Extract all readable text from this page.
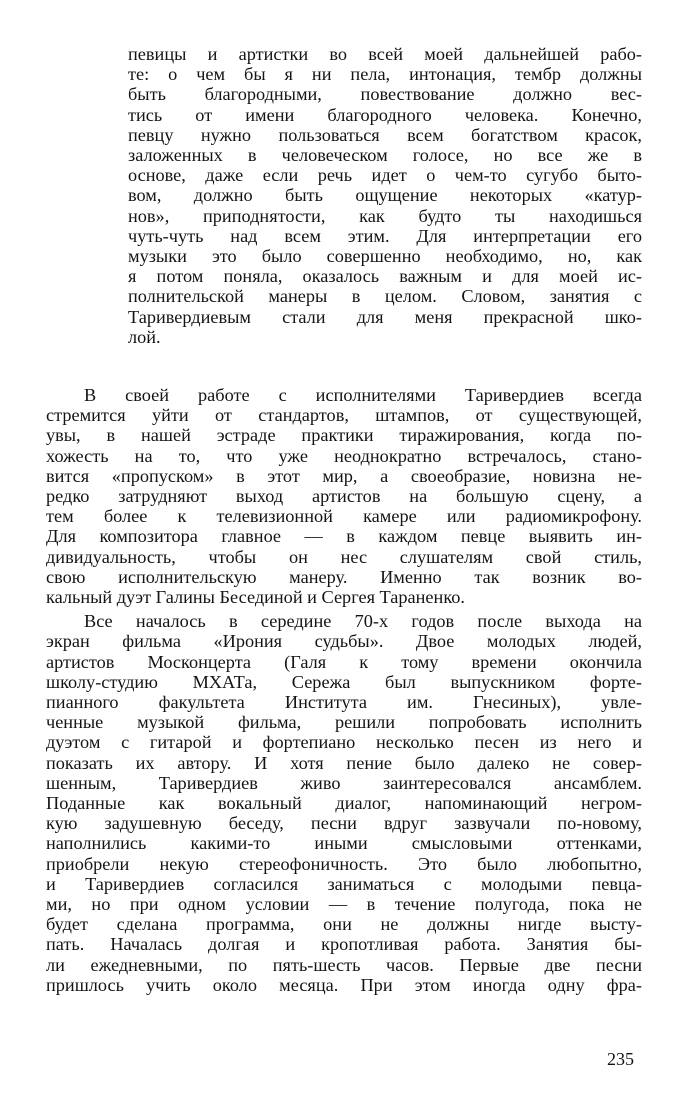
певицы и артистки во всей моей дальнейшей рабо-
те: о чем бы я ни пела, интонация, тембр должны
быть благородными, повествование должно вес-
тись от имени благородного человека. Конечно,
певцу нужно пользоваться всем богатством красок,
заложенных в человеческом голосе, но все же в
основе, даже если речь идет о чем-то сугубо быто-
вом, должно быть ощущение некоторых «катур-
нов», приподнятости, как будто ты находишься
чуть-чуть над всем этим. Для интерпретации его
музыки это было совершенно необходимо, но, как
я потом поняла, оказалось важным и для моей ис-
полнительской манеры в целом. Словом, занятия с
Таривердиевым стали для меня прекрасной шко-
лой.
В своей работе с исполнителями Таривердиев всегда
стремится уйти от стандартов, штампов, от существующей,
увы, в нашей эстраде практики тиражирования, когда по-
хожесть на то, что уже неоднократно встречалось, стано-
вится «пропуском» в этот мир, а своеобразие, новизна не-
редко затрудняют выход артистов на большую сцену, а
тем более к телевизионной камере или радиомикрофону.
Для композитора главное — в каждом певце выявить ин-
дивидуальность, чтобы он нес слушателям свой стиль,
свою исполнительскую манеру. Именно так возник во-
кальный дуэт Галины Бесединой и Сергея Тараненко.
Все началось в середине 70-х годов после выхода на
экран фильма «Ирония судьбы». Двое молодых людей,
артистов Москонцерта (Галя к тому времени окончила
школу-студию МХАТа, Сережа был выпускником форте-
пианного факультета Института им. Гнесиных), увле-
ченные музыкой фильма, решили попробовать исполнить
дуэтом с гитарой и фортепиано несколько песен из него и
показать их автору. И хотя пение было далеко не совер-
шенным, Таривердиев живо заинтересовался ансамблем.
Поданные как вокальный диалог, напоминающий негром-
кую задушевную беседу, песни вдруг зазвучали по-новому,
наполнились какими-то иными смысловыми оттенками,
приобрели некую стереофоничность. Это было любопытно,
и Таривердиев согласился заниматься с молодыми певца-
ми, но при одном условии — в течение полугода, пока не
будет сделана программа, они не должны нигде высту-
пать. Началась долгая и кропотливая работа. Занятия бы-
ли ежедневными, по пять-шесть часов. Первые две песни
пришлось учить около месяца. При этом иногда одну фра-
235
